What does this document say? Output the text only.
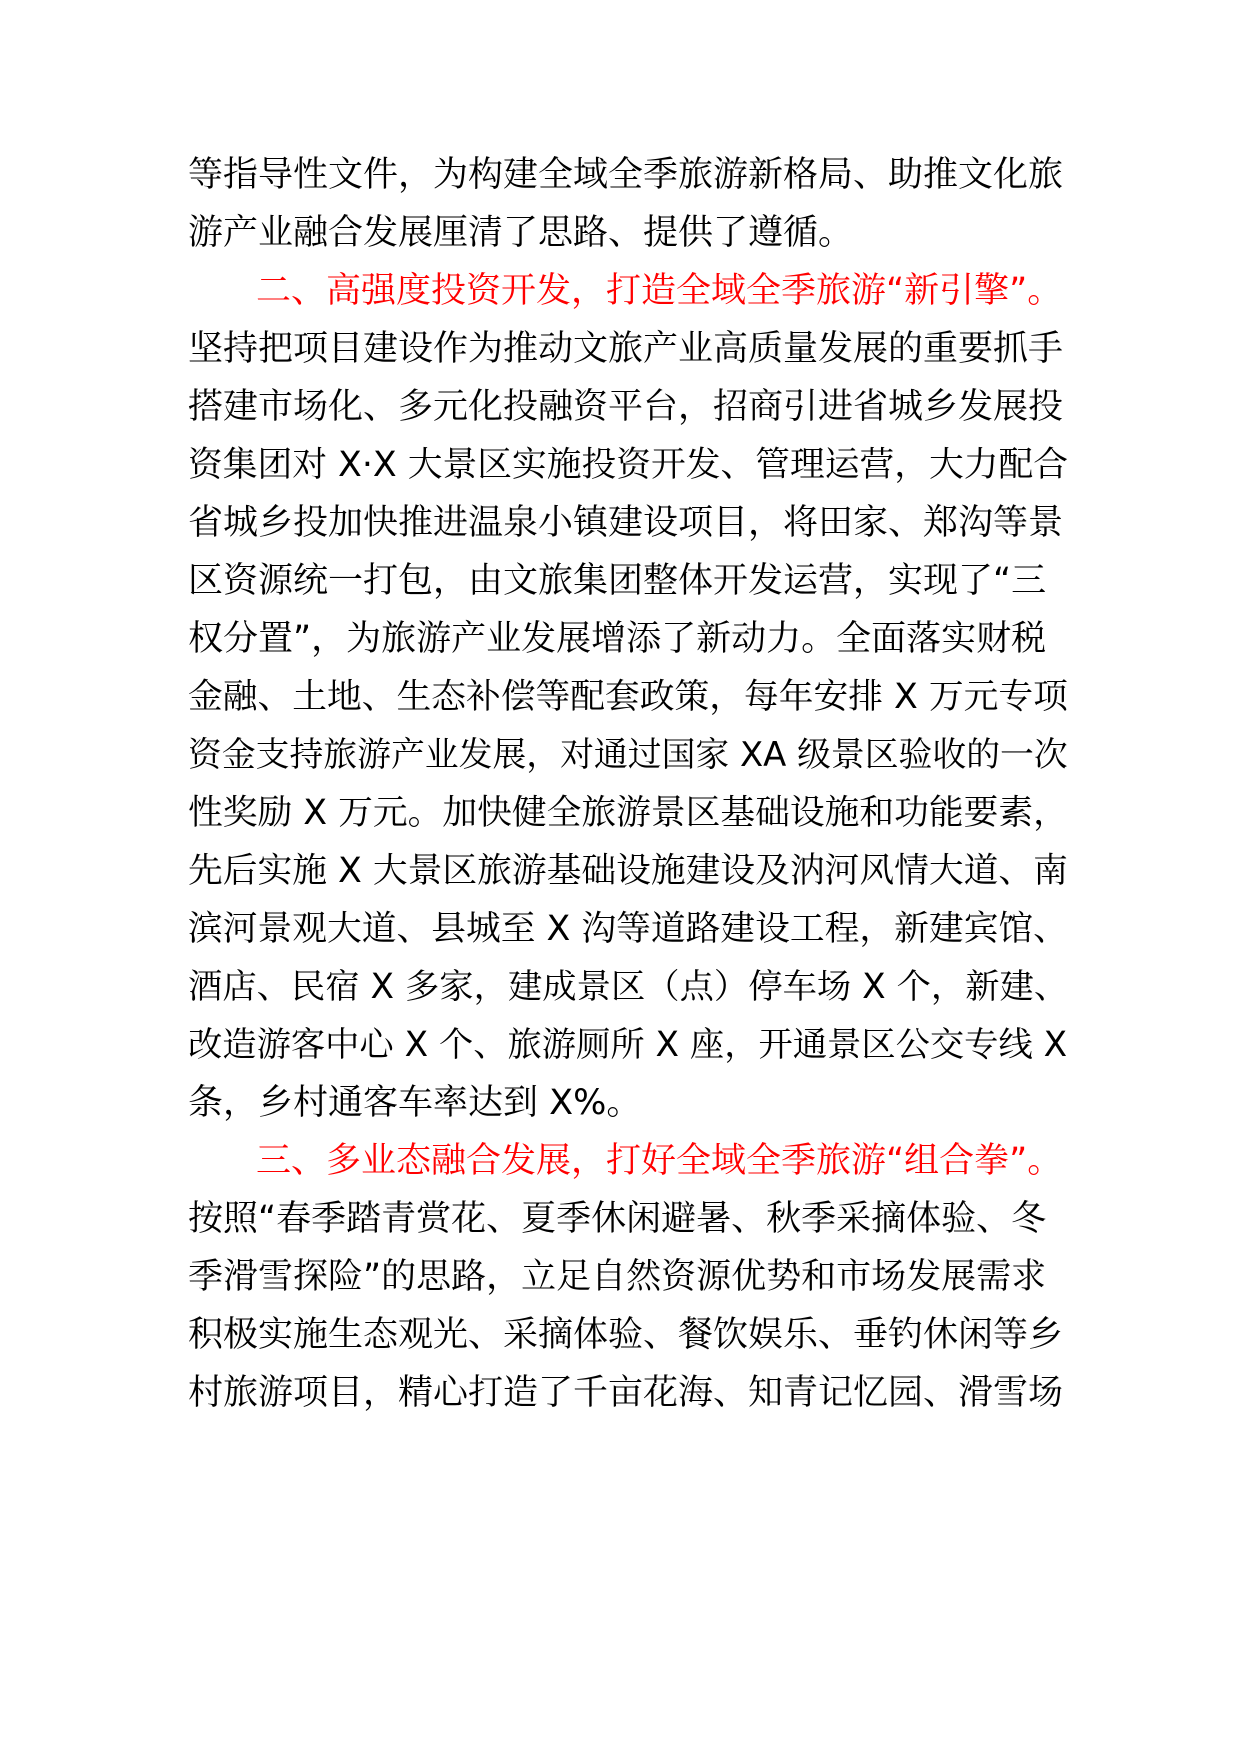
等指导性文件，为构建全域全季旅游新格局、助推文化旅
游产业融合发展厘清了思路、提供了遵循。
二、高强度投资开发，打造全域全季旅游“新引擎”。
坚持把项目建设作为推动文旅产业高质量发展的重要抓手
搭建市场化、多元化投融资平台，招商引进省城乡发展投
资集团对 X·X 大景区实施投资开发、管理运营，大力配合
省城乡投加快推进温泉小镇建设项目，将田家、郑沟等景
区资源统一打包，由文旅集团整体开发运营，实现了“三
权分置”，为旅游产业发展增添了新动力。全面落实财税
金融、土地、生态补偿等配套政策，每年安排 X 万元专项
资金支持旅游产业发展，对通过国家 XA 级景区验收的一次
性奖励 X 万元。加快健全旅游景区基础设施和功能要素，
先后实施 X 大景区旅游基础设施建设及汭河风情大道、南
滨河景观大道、县城至 X 沟等道路建设工程，新建宾馆、
酒店、民宿 X 多家，建成景区（点）停车场 X 个，新建、
改造游客中心 X 个、旅游厕所 X 座，开通景区公交专线 X
条，乡村通客车率达到 X%。
三、多业态融合发展，打好全域全季旅游“组合拳”。
按照“春季踏青赏花、夏季休闲避暑、秋季采摘体验、冬
季滑雪探险”的思路，立足自然资源优势和市场发展需求
积极实施生态观光、采摘体验、餐饮娱乐、垂钓休闲等乡
村旅游项目，精心打造了千亩花海、知青记忆园、滑雪场
